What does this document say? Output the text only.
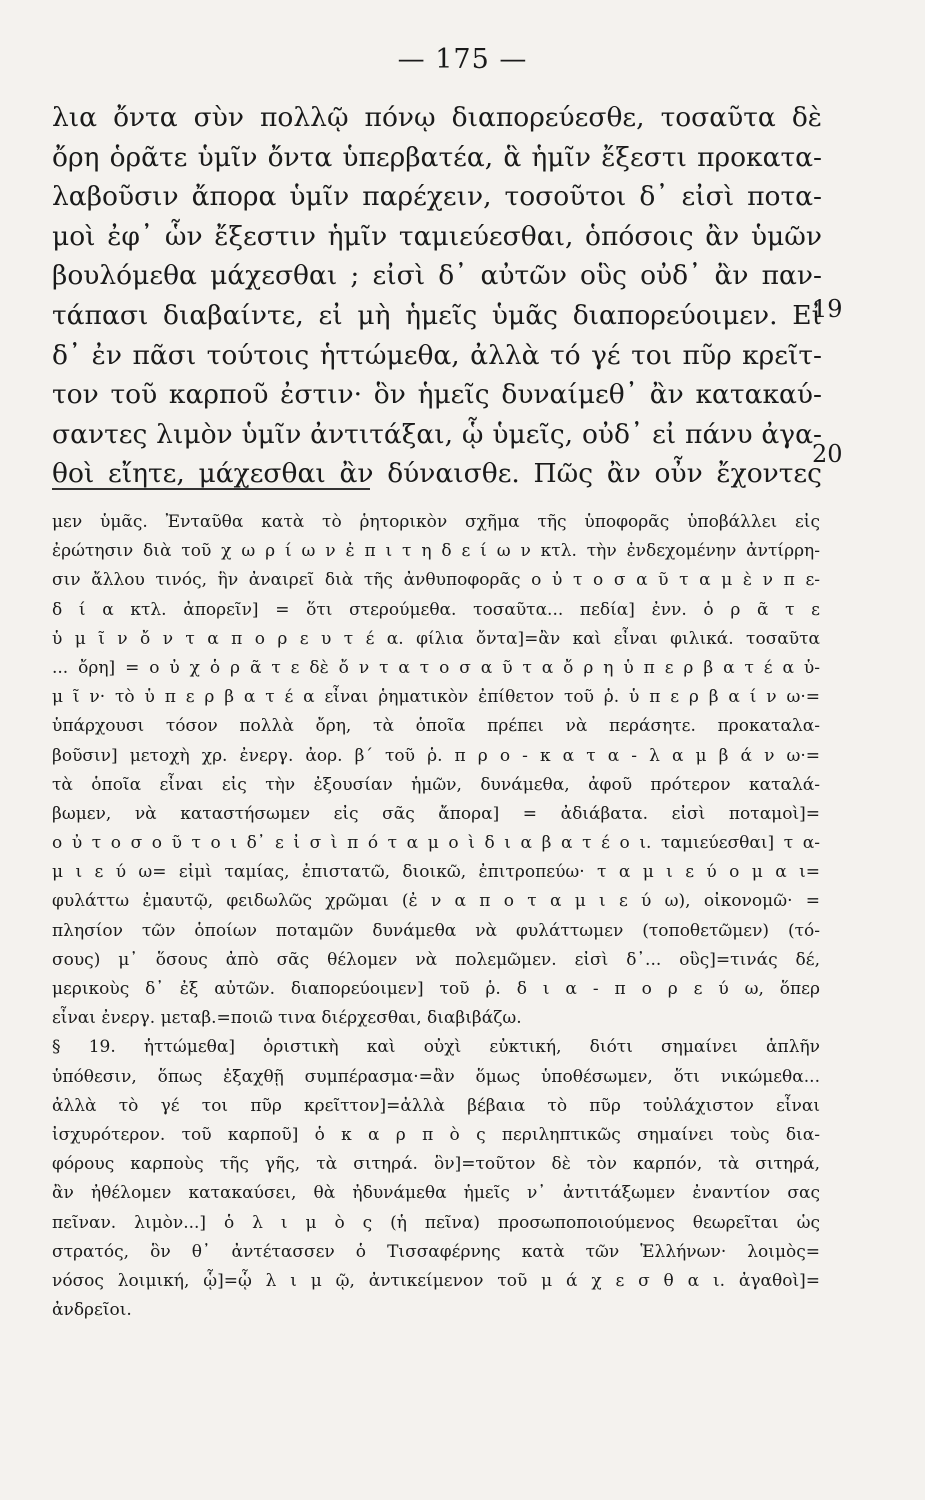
— 175 —
λια ὄντα σὺν πολλῷ πόνῳ διαπορεύεσθε, τοσαῦτα δὲ
ὄρη ὁρᾶτε ὑμῖν ὄντα ὑπερβατέα, ἃ ἡμῖν ἔξεστι προκατα-
λαβοῦσιν ἄπορα ὑμῖν παρέχειν, τοσοῦτοι δ᾽ εἰσὶ ποτα-
μοὶ ἐφ᾽ ὧν ἔξεστιν ἡμῖν ταμιεύεσθαι, ὁπόσοις ἂν ὑμῶν
βουλόμεθα μάχεσθαι ; εἰσὶ δ᾽ αὐτῶν οὓς οὐδ᾽ ἂν παν-
τάπασι διαβαίντε, εἰ μὴ ἡμεῖς ὑμᾶς διαπορεύοιμεν. Εἰ
δ᾽ ἐν πᾶσι τούτοις ἡττώμεθα, ἀλλὰ τό γέ τοι πῦρ κρεῖτ-
τον τοῦ καρποῦ ἐστιν· ὃν ἡμεῖς δυναίμεθ᾽ ἂν κατακαύ-
σαντες λιμὸν ὑμῖν ἀντιτάξαι, ᾧ ὑμεῖς, οὐδ᾽ εἰ πάνυ ἀγα-
θοὶ εἴητε, μάχεσθαι ἂν δύναισθε. Πῶς ἂν οὖν ἔχοντες
19
20
μεν ὑμᾶς. Ἐνταῦθα κατὰ τὸ ῥητορικὸν σχῆμα τῆς ὑποφορᾶς ὑποβάλλει εἰς
ἐρώτησιν διὰ τοῦ χ ω ρ ί ω ν ἐ π ι τ η δ ε ί ω ν κτλ. τὴν ἐνδεχομένην ἀντίρρη-
σιν ἄλλου τινός, ἣν ἀναιρεῖ διὰ τῆς ἀνθυποφορᾶς ο ὐ τ ο σ α ῦ τ α μ ὲ ν π ε-
δ ί α κτλ. ἀπορεῖν] = ὅτι στερούμεθα. τοσαῦτα... πεδία] ἐνν. ὁ ρ ᾶ τ ε
ὑ μ ῖ ν ὄ ν τ α π ο ρ ε υ τ έ α. φίλια ὄντα]=ἂν καὶ εἶναι φιλικά. τοσαῦτα
... ὄρη] = ο ὐ χ ὁ ρ ᾶ τ ε δὲ ὄ ν τ α τ ο σ α ῦ τ α ὄ ρ η ὑ π ε ρ β α τ έ α ὑ-
μ ῖ ν· τὸ ὑ π ε ρ β α τ έ α εἶναι ῥηματικὸν ἐπίθετον τοῦ ῥ. ὑ π ε ρ β α ί ν ω·=
ὑπάρχουσι τόσον πολλὰ ὄρη, τὰ ὁποῖα πρέπει νὰ περάσητε. προκαταλα-
βοῦσιν] μετοχὴ χρ. ἐνεργ. ἀορ. β´ τοῦ ῥ. π ρ ο - κ α τ α - λ α μ β ά ν ω·=
τὰ ὁποῖα εἶναι εἰς τὴν ἐξουσίαν ἡμῶν, δυνάμεθα, ἀφοῦ πρότερον καταλά-
βωμεν, νὰ καταστήσωμεν εἰς σᾶς ἄπορα] = ἀδιάβατα. εἰσὶ ποταμοὶ]=
ο ὐ τ ο σ ο ῦ τ ο ι δ᾽ ε ἰ σ ὶ π ό τ α μ ο ὶ δ ι α β α τ έ ο ι. ταμιεύεσθαι] τ α-
μ ι ε ύ ω= εἰμὶ ταμίας, ἐπιστατῶ, διοικῶ, ἐπιτροπεύω· τ α μ ι ε ύ ο μ α ι=
φυλάττω ἐμαυτῷ, φειδωλῶς χρῶμαι (ἐ ν α π ο τ α μ ι ε ύ ω), οἰκονομῶ· =
πλησίον τῶν ὁποίων ποταμῶν δυνάμεθα νὰ φυλάττωμεν (τοποθετῶμεν) (τό-
σους) μ᾽ ὅσους ἀπὸ σᾶς θέλομεν νὰ πολεμῶμεν. εἰσὶ δ᾽... οὓς]=τινάς δέ,
μερικοὺς δ᾽ ἐξ αὐτῶν. διαπορεύοιμεν] τοῦ ῥ. δ ι α - π ο ρ ε ύ ω, ὅπερ
εἶναι ἐνεργ. μεταβ.=ποιῶ τινα διέρχεσθαι, διαβιβάζω.
§ 19. ἡττώμεθα] ὁριστικὴ καὶ οὐχὶ εὐκτική, διότι σημαίνει ἁπλῆν
ὑπόθεσιν, ὅπως ἐξαχθῇ συμπέρασμα·=ἂν ὅμως ὑποθέσωμεν, ὅτι νικώμεθα...
ἀλλὰ τὸ γέ τοι πῦρ κρεῖττον]=ἀλλὰ βέβαια τὸ πῦρ τοὐλάχιστον εἶναι
ἰσχυρότερον. τοῦ καρποῦ] ὁ κ α ρ π ὸ ς περιληπτικῶς σημαίνει τοὺς δια-
φόρους καρποὺς τῆς γῆς, τὰ σιτηρά. ὃν]=τοῦτον δὲ τὸν καρπόν, τὰ σιτηρά,
ἂν ἠθέλομεν κατακαύσει, θὰ ἠδυνάμεθα ἡμεῖς ν᾽ ἀντιτάξωμεν ἐναντίον σας
πεῖναν. λιμὸν...] ὁ λ ι μ ὸ ς (ἡ πεῖνα) προσωποποιούμενος θεωρεῖται ὡς
στρατός, ὃν θ᾽ ἀντέτασσεν ὁ Τισσαφέρνης κατὰ τῶν Ἑλλήνων· λοιμὸς=
νόσος λοιμική, ᾧ]=ᾧ λ ι μ ῷ, ἀντικείμενον τοῦ μ ά χ ε σ θ α ι. ἀγαθοὶ]=
ἀνδρεῖοι.
